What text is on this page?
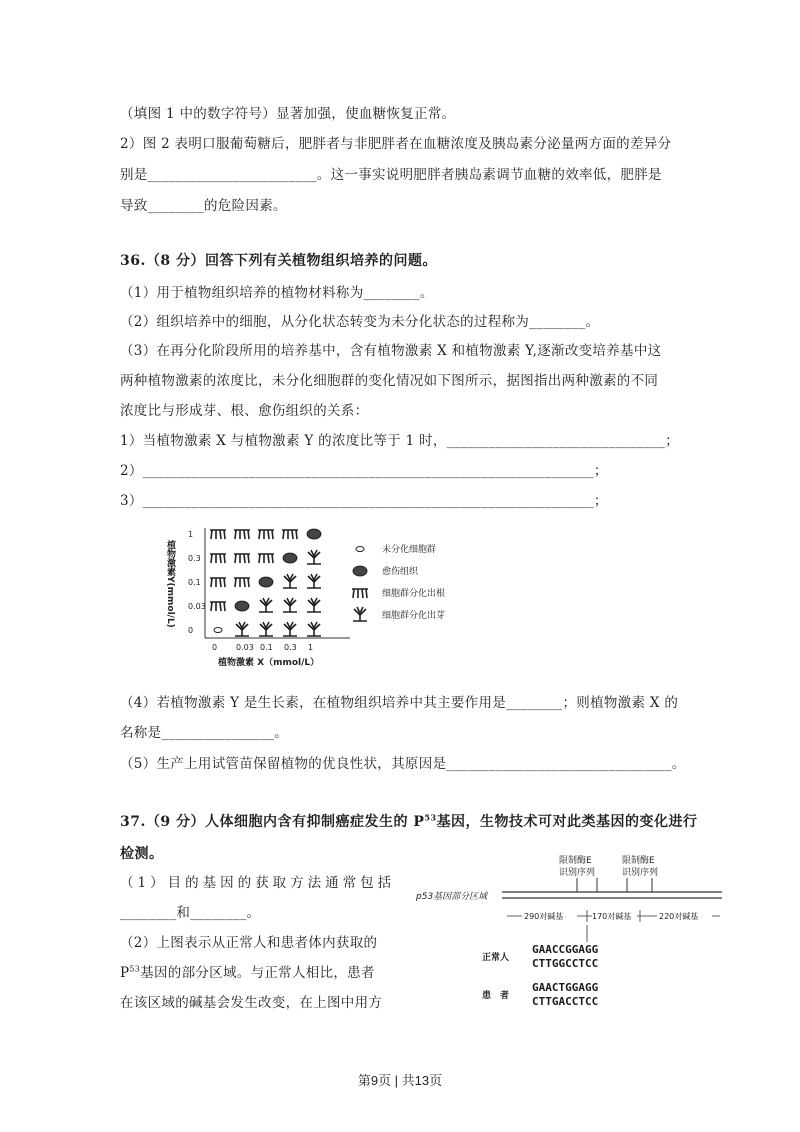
（填图 1 中的数字符号）显著加强，使血糖恢复正常。
2）图 2 表明口服葡萄糖后，肥胖者与非肥胖者在血糖浓度及胰岛素分泌量两方面的差异分
别是________________________。这一事实说明肥胖者胰岛素调节血糖的效率低，肥胖是
导致________的危险因素。
36.（8 分）回答下列有关植物组织培养的问题。
（1）用于植物组织培养的植物材料称为________。
（2）组织培养中的细胞，从分化状态转变为未分化状态的过程称为________。
（3）在再分化阶段所用的培养基中，含有植物激素 X 和植物激素 Y,逐渐改变培养基中这
两种植物激素的浓度比，未分化细胞群的变化情况如下图所示，据图指出两种激素的不同
浓度比与形成芽、根、愈伤组织的关系：
1）当植物激素 X 与植物激素 Y 的浓度比等于 1 时，_______________________________；
2）________________________________________________________________；
3）________________________________________________________________；
1
0.3
0.1
0.03
0
0 0.03 0.1 0.3 1
植物激素Y(mmol/L)	未分化细胞群
愈伤组织
细胞群分化出根
细胞群分化出芽
植物激素 X（mmol/L）
（4）若植物激素 Y 是生长素，在植物组织培养中其主要作用是________；则植物激素 X 的
名称是________________。
（5）生产上用试管苗保留植物的优良性状，其原因是________________________________。
37.（9 分）人体细胞内含有抑制癌症发生的 $P^{53}$基因，生物技术可对此类基因的变化进行
检测。
（1）目的基因的获取方法通常包括
________和________。
（2）上图表示从正常人和患者体内获取的
$P^{53}$基因的部分区域。与正常人相比，患者
在该区域的碱基会发生改变，在上图中用方
限制酶E
识别序列
限制酶E
识别序列
p53基因部分区域
290对碱基	170对碱基	220对碱基
GAACCGGAGG
CTTGGCCTCC
GAACTGGAGG
CTTGACCTCC
正常人
患　者
第9页 | 共13页
